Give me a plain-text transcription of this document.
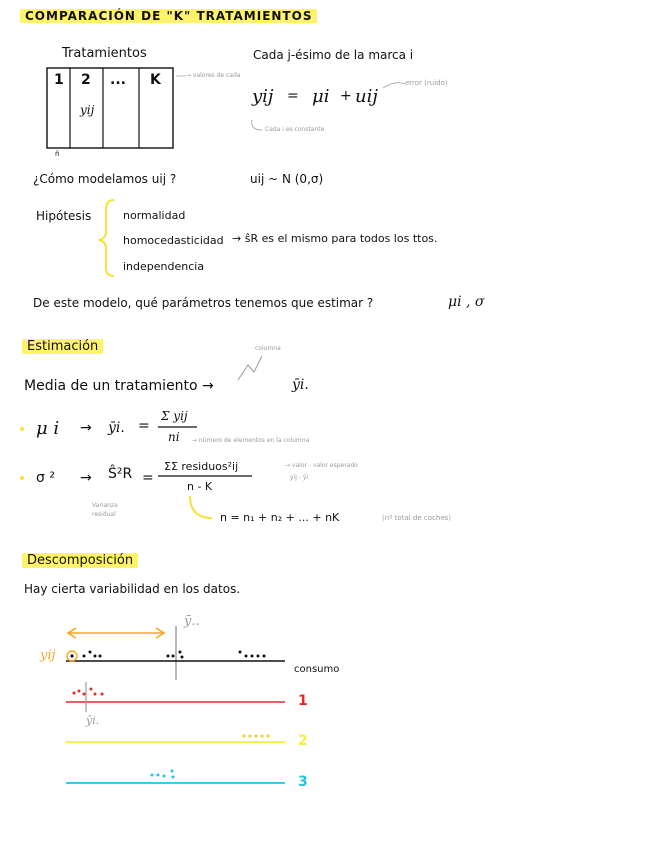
COMPARACIÓN DE "K" TRATAMIENTOS
Tratamientos
1 2 ... K
yij
→ valores de cada
ñ
Cada j-ésimo de la marca i
yij = μi + uij
error (ruido)
Cada i es constante
¿Cómo modelamos uij ?	uij ~ N (0,σ)
Hipótesis	normalidad
homocedasticidad
independencia
→ ŝR es el mismo para todos los ttos.
De este modelo, qué parámetros tenemos que estimar ?	μi , σ
Estimación	columna
Media de un tratamiento →	ȳi.
μ i → ȳi. =
Σ yij
ni → número de elementos en la columna
σ ² → Ŝ²R =
ΣΣ residuos²ij
n - K
→ valor - valor esperado
yij - ȳi
Varianza residual	n = n₁ + n₂ + ... + nK	(nº total de coches)
Descomposición
Hay cierta variabilidad en los datos.
ȳ..
yij
consumo
ȳi.
1
2
3
